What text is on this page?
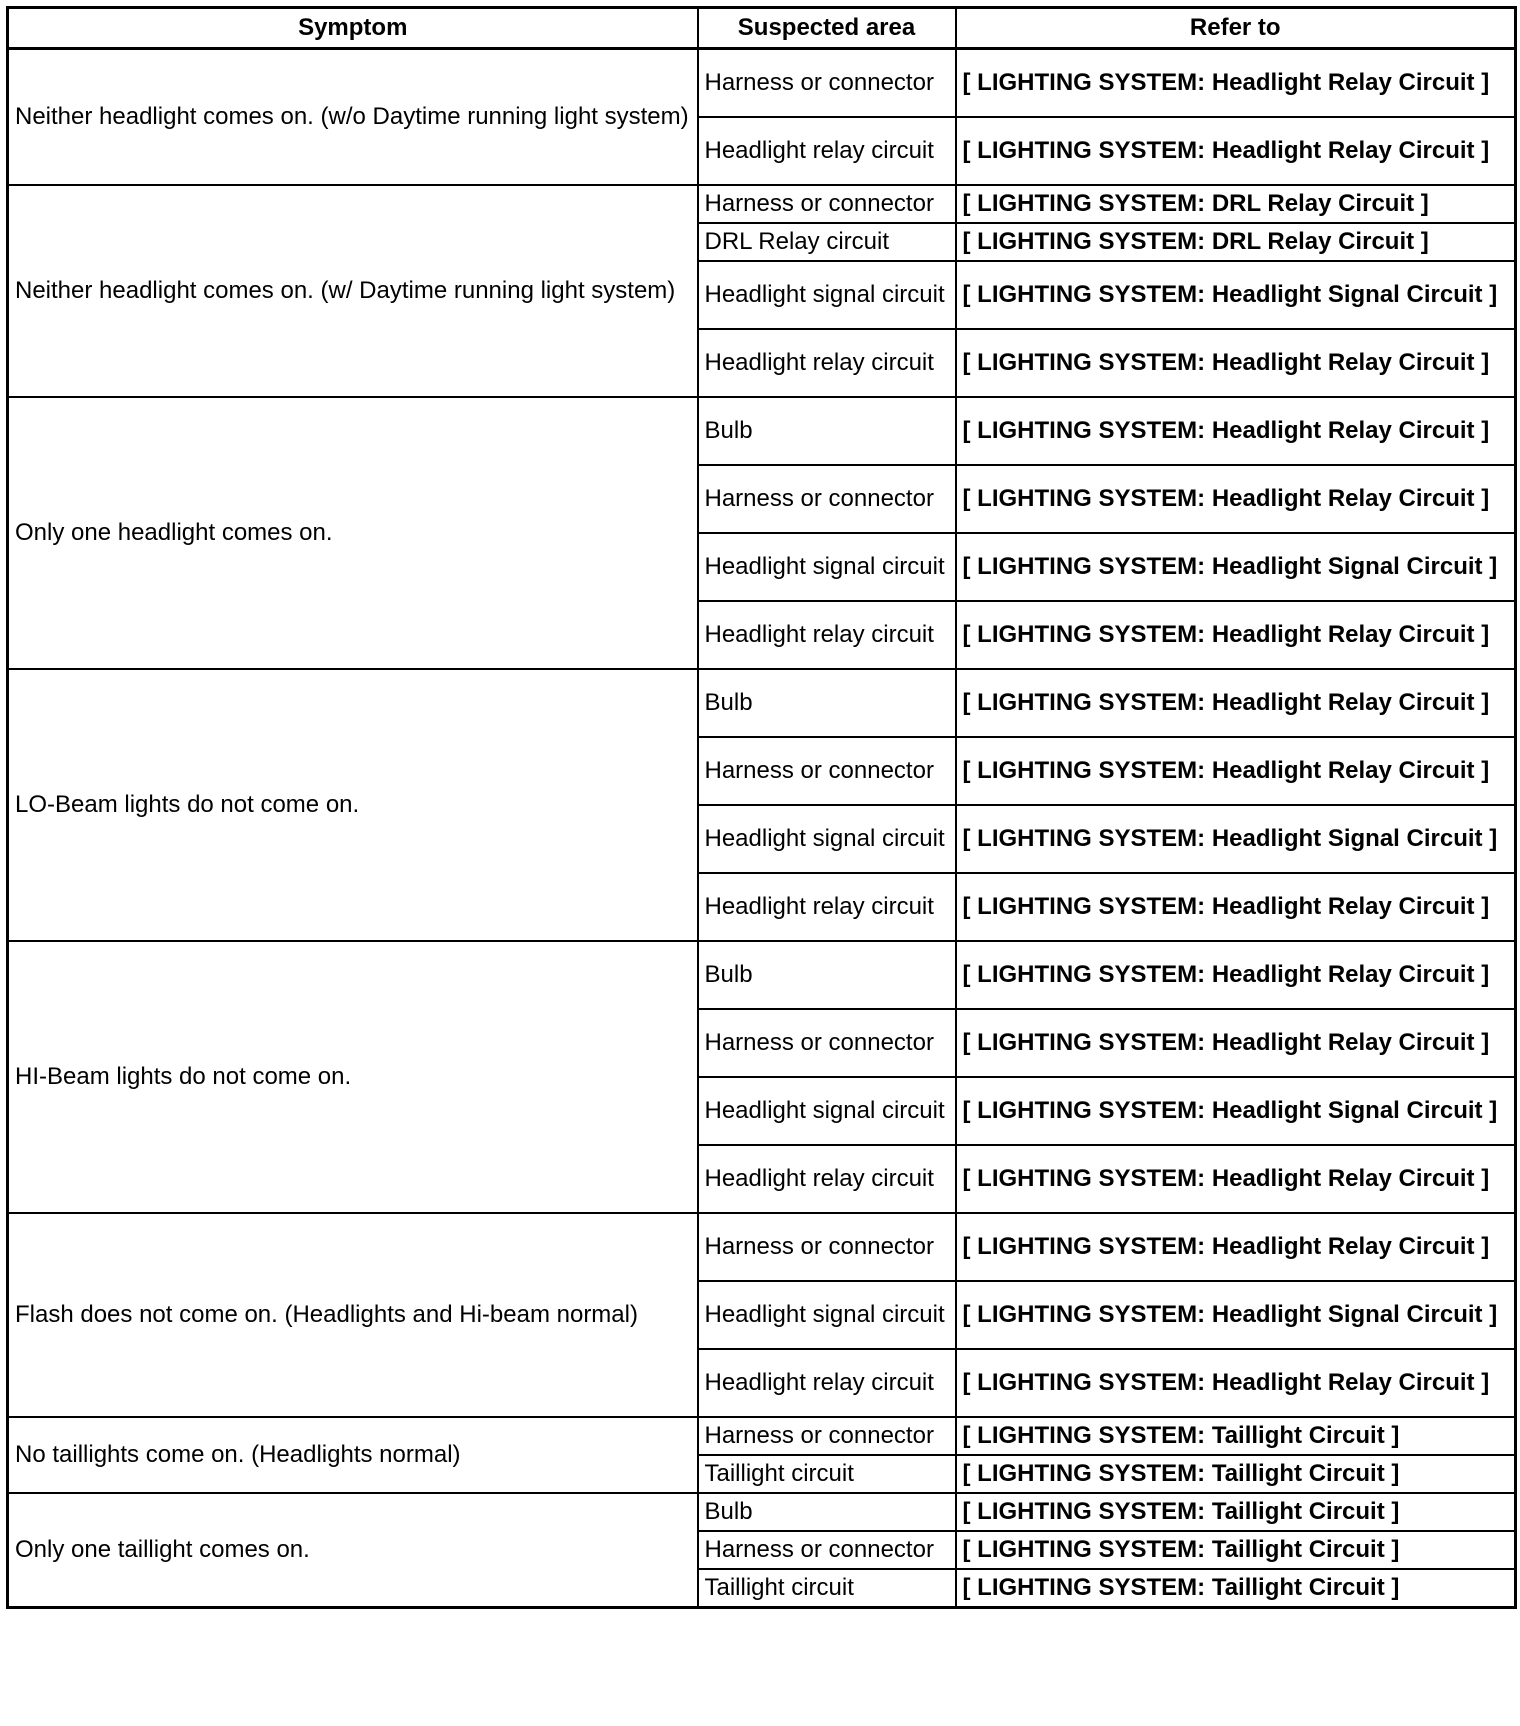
Symptom	Suspected area	Refer to
Neither headlight comes on. (w/o Daytime running light system)	Harness or connector	[ LIGHTING SYSTEM: Headlight Relay Circuit ]
	Headlight relay circuit	[ LIGHTING SYSTEM: Headlight Relay Circuit ]
Neither headlight comes on. (w/ Daytime running light system)	Harness or connector	[ LIGHTING SYSTEM: DRL Relay Circuit ]
	DRL Relay circuit	[ LIGHTING SYSTEM: DRL Relay Circuit ]
	Headlight signal circuit	[ LIGHTING SYSTEM: Headlight Signal Circuit ]
	Headlight relay circuit	[ LIGHTING SYSTEM: Headlight Relay Circuit ]
Only one headlight comes on.	Bulb	[ LIGHTING SYSTEM: Headlight Relay Circuit ]
	Harness or connector	[ LIGHTING SYSTEM: Headlight Relay Circuit ]
	Headlight signal circuit	[ LIGHTING SYSTEM: Headlight Signal Circuit ]
	Headlight relay circuit	[ LIGHTING SYSTEM: Headlight Relay Circuit ]
LO-Beam lights do not come on.	Bulb	[ LIGHTING SYSTEM: Headlight Relay Circuit ]
	Harness or connector	[ LIGHTING SYSTEM: Headlight Relay Circuit ]
	Headlight signal circuit	[ LIGHTING SYSTEM: Headlight Signal Circuit ]
	Headlight relay circuit	[ LIGHTING SYSTEM: Headlight Relay Circuit ]
HI-Beam lights do not come on.	Bulb	[ LIGHTING SYSTEM: Headlight Relay Circuit ]
	Harness or connector	[ LIGHTING SYSTEM: Headlight Relay Circuit ]
	Headlight signal circuit	[ LIGHTING SYSTEM: Headlight Signal Circuit ]
	Headlight relay circuit	[ LIGHTING SYSTEM: Headlight Relay Circuit ]
Flash does not come on. (Headlights and Hi-beam normal)	Harness or connector	[ LIGHTING SYSTEM: Headlight Relay Circuit ]
	Headlight signal circuit	[ LIGHTING SYSTEM: Headlight Signal Circuit ]
	Headlight relay circuit	[ LIGHTING SYSTEM: Headlight Relay Circuit ]
No taillights come on. (Headlights normal)	Harness or connector	[ LIGHTING SYSTEM: Taillight Circuit ]
	Taillight circuit	[ LIGHTING SYSTEM: Taillight Circuit ]
Only one taillight comes on.	Bulb	[ LIGHTING SYSTEM: Taillight Circuit ]
	Harness or connector	[ LIGHTING SYSTEM: Taillight Circuit ]
	Taillight circuit	[ LIGHTING SYSTEM: Taillight Circuit ]
